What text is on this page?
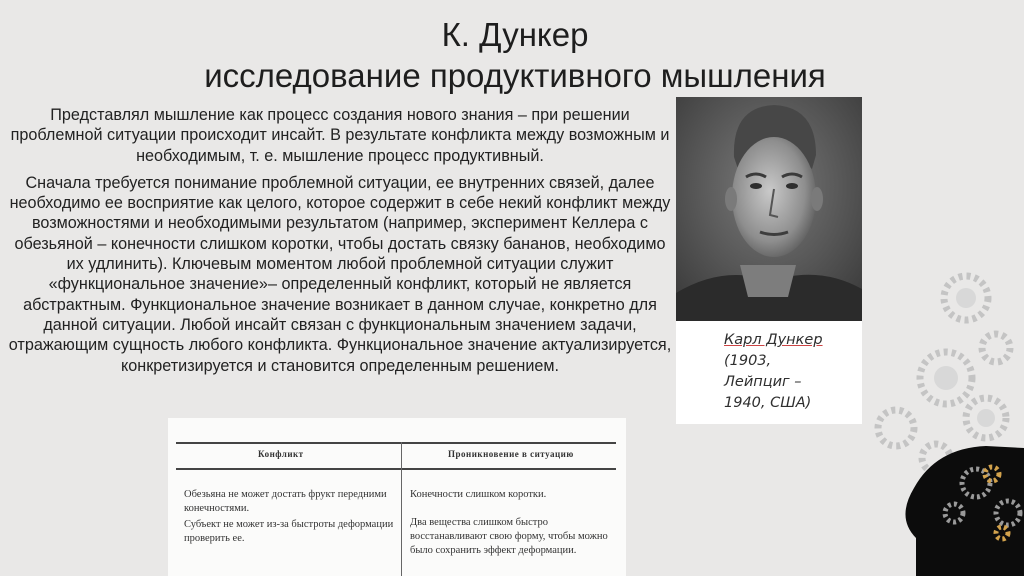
К. Дункер
исследование продуктивного мышления

Представлял мышление как процесс создания нового знания – при решении проблемной ситуации происходит инсайт. В результате конфликта между возможным и необходимым, т. е. мышление процесс продуктивный.

Сначала требуется понимание проблемной ситуации, ее внутренних связей, далее необходимо ее восприятие как целого, которое содержит в себе некий конфликт между возможностями и необходимыми результатом (например, эксперимент Келлера с обезьяной – конечности слишком коротки, чтобы достать связку бананов, необходимо их удлинить). Ключевым моментом любой проблемной ситуации служит «функциональное значение»– определенный конфликт, который не является абстрактным. Функциональное значение возникает в данном случае, конкретно для данной ситуации. Любой инсайт связан с функциональным значением задачи, отражающим сущность любого конфликта. Функциональное значение актуализируется, конкретизируется и становится определенным решением.

Карл Дункер
(1903,
Лейпциг –
1940, США)
Конфликт	Проникновение в ситуацию
Обезьяна не может достать фрукт передними конечностями.
Субъект не может из-за быстроты деформации проверить ее.
Конечности слишком коротки.
Два вещества слишком быстро восстанавливают свою форму, чтобы можно было сохранить эффект деформации.
